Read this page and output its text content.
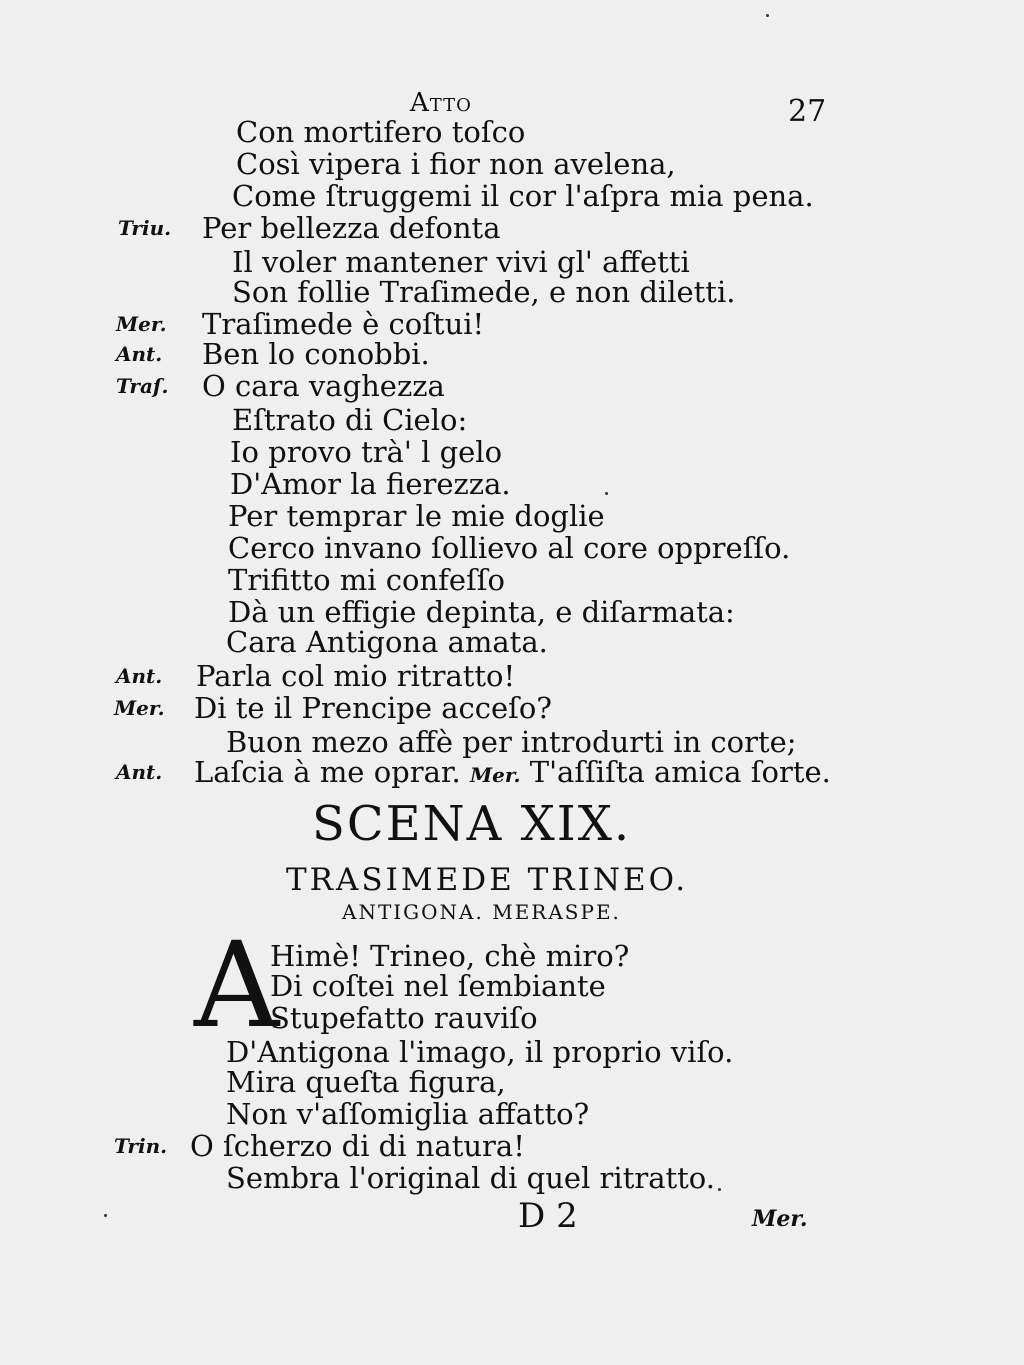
Atto	27
Con mortifero toſco
Così vipera i fior non avelena,
Come ſtruggemi il cor l'aſpra mia pena.
Triu. Per bellezza defonta
Il voler mantener vivi gl' affetti
Son follie Traſimede, e non diletti.
Mer. Traſimede è coſtui!
Ant. Ben lo conobbi.
Traſ. O cara vaghezza
Eſtrato di Cielo:
Io provo trà' l gelo
D'Amor la fierezza.
Per temprar le mie doglie
Cerco invano ſollievo al core oppreſſo.
Trifitto mi confeſſo
Dà un effigie depinta, e diſarmata:
Cara Antigona amata.
Ant. Parla col mio ritratto!
Mer. Di te il Prencipe acceſo?
Buon mezo affè per introdurti in corte;
Ant. Laſcia à me oprar. Mer. T'aſſiſta amica ſorte.
SCENA XIX.
TRASIMEDE TRINEO.
ANTIGONA. MERASPE.
A
Himè! Trineo, chè miro?
Di coſtei nel ſembiante
Stupefatto rauviſo
D'Antigona l'imago, il proprio viſo.
Mira queſta figura,
Non v'aſſomiglia affatto?
Trin. O ſcherzo di di natura!
Sembra l'original di quel ritratto.
D 2	Mer.
